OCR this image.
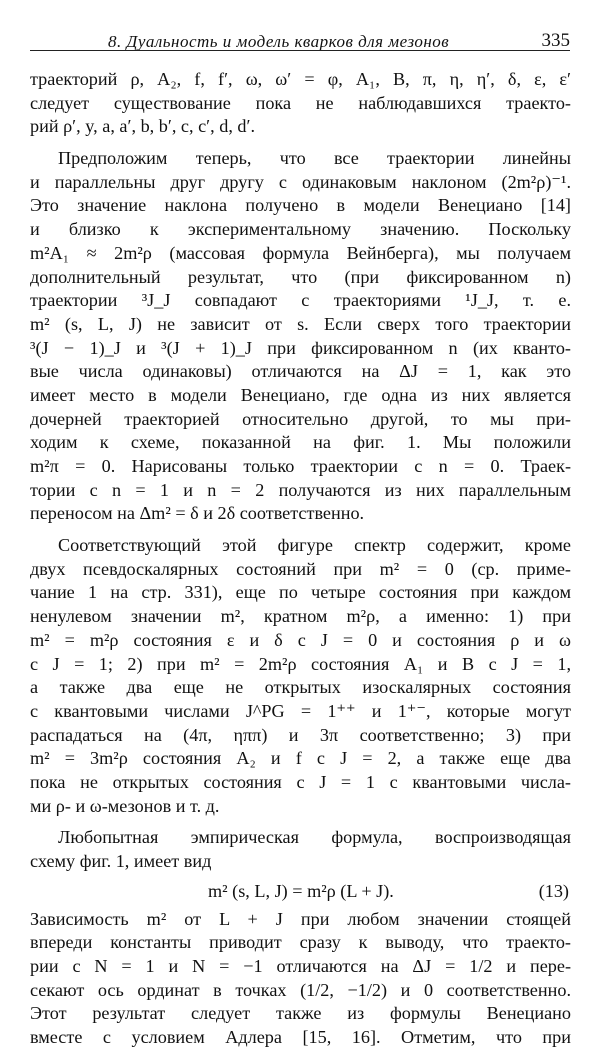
8. Дуальность и модель кварков для мезонов	335
траекторий ρ, A₂, f, f′, ω, ω′ = φ, A₁, B, π, η, η′, δ, ε, ε′
следует существование пока не наблюдавшихся траекто-
рий ρ′, y, a, a′, b, b′, c, c′, d, d′.
Предположим теперь, что все траектории линейны
и параллельны друг другу с одинаковым наклоном (2m²ρ)⁻¹.
Это значение наклона получено в модели Венециано [14]
и близко к экспериментальному значению. Поскольку
m²A₁ ≈ 2m²ρ (массовая формула Вейнберга), мы получаем
дополнительный результат, что (при фиксированном n)
траектории ³J_J совпадают с траекториями ¹J_J, т. е.
m² (s, L, J) не зависит от s. Если сверх того траектории
³(J − 1)_J и ³(J + 1)_J при фиксированном n (их кванто-
вые числа одинаковы) отличаются на ΔJ = 1, как это
имеет место в модели Венециано, где одна из них является
дочерней траекторией относительно другой, то мы при-
ходим к схеме, показанной на фиг. 1. Мы положили
m²π = 0. Нарисованы только траектории с n = 0. Траек-
тории с n = 1 и n = 2 получаются из них параллельным
переносом на Δm² = δ и 2δ соответственно.
Соответствующий этой фигуре спектр содержит, кроме
двух псевдоскалярных состояний при m² = 0 (ср. приме-
чание 1 на стр. 331), еще по четыре состояния при каждом
ненулевом значении m², кратном m²ρ, а именно: 1) при
m² = m²ρ состояния ε и δ с J = 0 и состояния ρ и ω
с J = 1; 2) при m² = 2m²ρ состояния A₁ и B с J = 1,
а также два еще не открытых изоскалярных состояния
с квантовыми числами J^PG = 1⁺⁺ и 1⁺⁻, которые могут
распадаться на (4π, ηππ) и 3π соответственно; 3) при
m² = 3m²ρ состояния A₂ и f с J = 2, а также еще два
пока не открытых состояния с J = 1 с квантовыми числа-
ми ρ- и ω-мезонов и т. д.
Любопытная эмпирическая формула, воспроизводящая
схему фиг. 1, имеет вид
m² (s, L, J) = m²ρ (L + J).	(13)
Зависимость m² от L + J при любом значении стоящей
впереди константы приводит сразу к выводу, что траекто-
рии с N = 1 и N = −1 отличаются на ΔJ = 1/2 и пере-
секают ось ординат в точках (1/2, −1/2) и 0 соответственно.
Этот результат следует также из формулы Венециано
вместе с условием Адлера [15, 16]. Отметим, что при
